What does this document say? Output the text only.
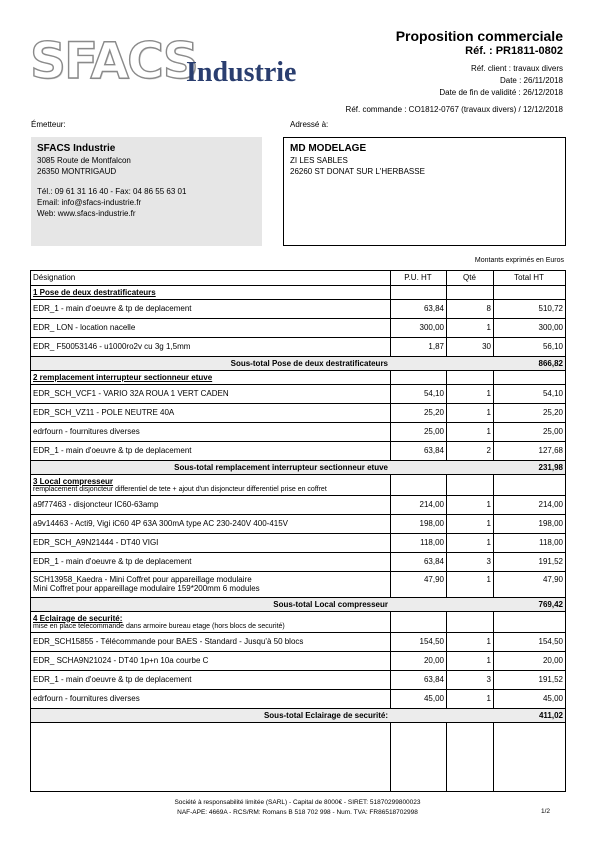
SFACS
Industrie
Proposition commerciale
Réf. : PR1811-0802
Réf. client : travaux divers
Date : 26/11/2018
Date de fin de validité : 26/12/2018
Réf. commande : CO1812-0767 (travaux divers) / 12/12/2018
Émetteur:	Adressé à:
SFACS Industrie
3085 Route de Montfalcon
26350 MONTRIGAUD
Tél.: 09 61 31 16 40 - Fax: 04 86 55 63 01
Email: info@sfacs-industrie.fr
Web: www.sfacs-industrie.fr
MD MODELAGE
ZI LES SABLES
26260 ST DONAT SUR L'HERBASSE
Montants exprimés en Euros
Désignation	P.U. HT	Qté	Total HT
1 Pose de deux destratificateurs			
EDR_1 - main d'oeuvre & tp de deplacement	63,84	8	510,72
EDR_ LON - location nacelle	300,00	1	300,00
EDR_ F50053146 - u1000ro2v cu 3g 1,5mm	1,87	30	56,10
Sous-total Pose de deux destratificateurs			866,82
2 remplacement interrupteur sectionneur etuve			
EDR_SCH_VCF1 - VARIO 32A ROUA 1 VERT CADEN	54,10	1	54,10
EDR_SCH_VZ11 - POLE NEUTRE 40A	25,20	1	25,20
edrfourn - fournitures diverses	25,00	1	25,00
EDR_1 - main d'oeuvre & tp de deplacement	63,84	2	127,68
Sous-total remplacement interrupteur sectionneur etuve			231,98

3 Local compresseur
remplacement disjoncteur differentiel de tete + ajout d'un disjoncteur differentiel prise en coffret			

a9f77463 - disjoncteur IC60-63amp	214,00	1	214,00
a9v14463 - Acti9, Vigi iC60 4P 63A 300mA type AC 230-240V 400-415V	198,00	1	198,00
EDR_SCH_A9N21444 - DT40 VIGI	118,00	1	118,00
EDR_1 - main d'oeuvre & tp de deplacement	63,84	3	191,52

SCH13958_Kaedra - Mini Coffret pour appareillage modulaire
Mini Coffret pour appareillage modulaire 159*200mm 6 modules	47,90	1	47,90
Sous-total Local compresseur			769,42

4 Eclairage de securité:
mise en place telecommande dans armoire bureau etage (hors blocs de securité)			

EDR_SCH15855 - Télécommande pour BAES - Standard - Jusqu'à 50 blocs	154,50	1	154,50
EDR_ SCHA9N21024 - DT40 1p+n 10a courbe C	20,00	1	20,00
EDR_1 - main d'oeuvre & tp de deplacement	63,84	3	191,52
edrfourn - fournitures diverses	45,00	1	45,00
Sous-total Eclairage de securité:			411,02
Société à responsabilité limitée (SARL) - Capital de 8000€ - SIRET: 51870299800023
NAF-APE: 4669A - RCS/RM: Romans B 518 702 998 - Num. TVA: FR86518702998	1/2
